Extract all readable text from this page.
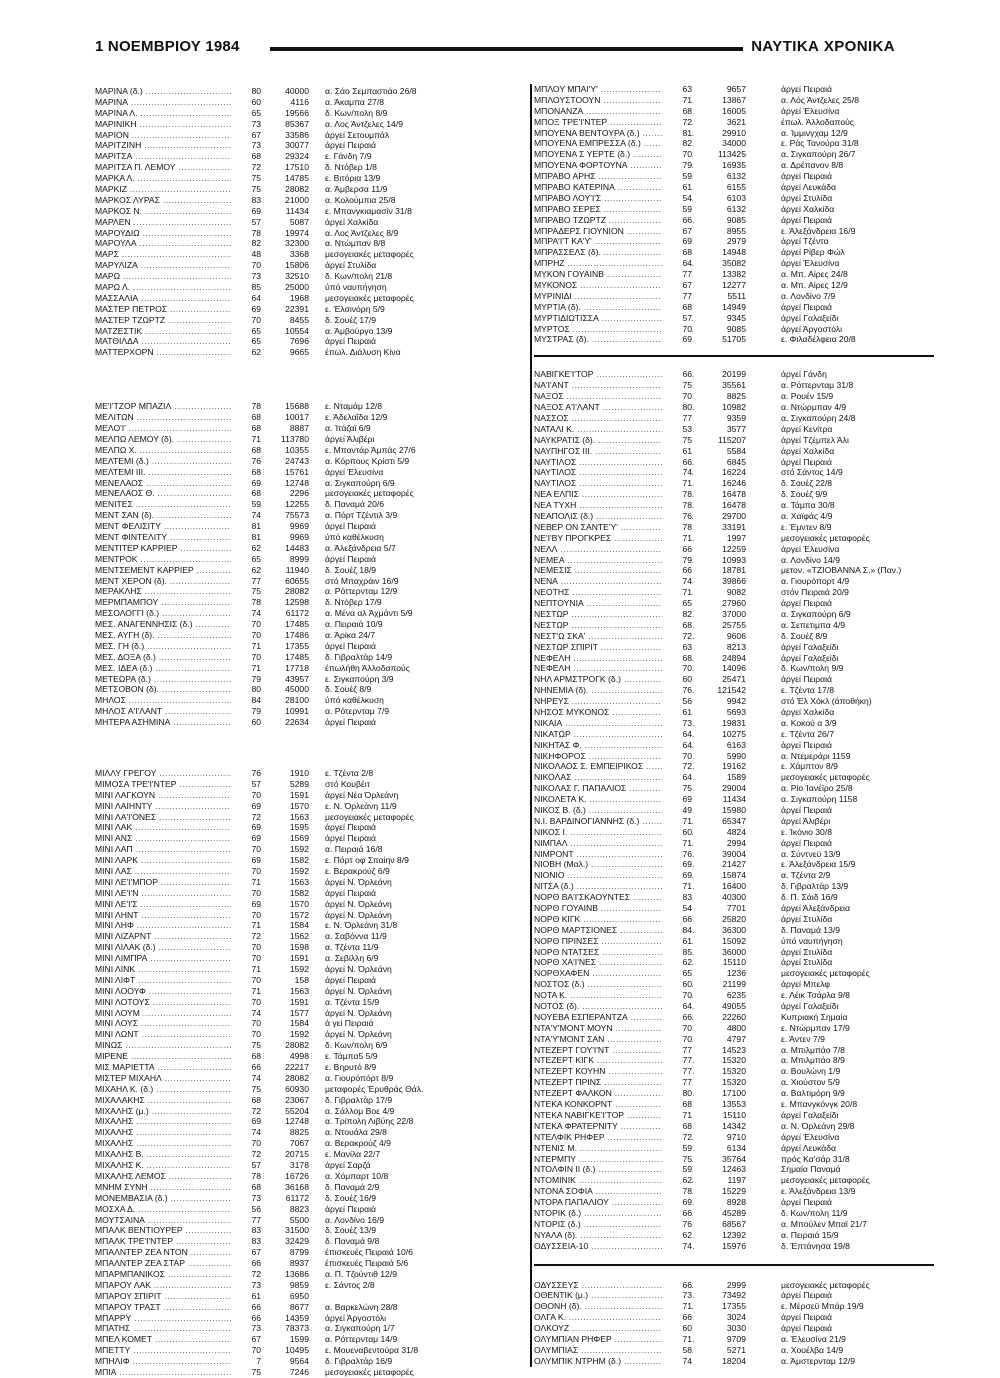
1 ΝΟΕΜΒΡΙΟΥ 1984	ΝΑΥΤΙΚΑ ΧΡΟΝΙΚΑ
ΜΑΡΙΝΑ (δ.) .....	80	40000 α. Σάο Σεμπαστιάο 26/8
ΜΑΡΙΝΑ .....	60	4116 α. Άκαμπα 27/8
ΜΑΡΙΝΑ Λ. .....	65	19566 δ. Κων/πολη 8/9
ΜΑΡΙΝΙΚΗ .....	73	85367 α. Λος Άντζελες 14/9
ΜΑΡΙΟΝ .....	67	33586 άργεί Σετουμπάλ
ΜΑΡΙΤΖΙΝΗ .....	73	30077 άργεί Πειραιά
ΜΑΡΙΤΣΑ .....	68	29324 ε. Γάνδη 7/9
ΜΑΡΙΤΣΑ Π. ΛΕΜΟΥ .....	72	17510 δ. Ντόβερ 1/8
ΜΑΡΚΑ Λ. .....	75	14785 ε. Βιτόρια 13/9
ΜΑΡΚΙΖ .....	75	28082 α. Άμβερσα 11/9
ΜΑΡΚΟΣ ΛΥΡΑΣ .....	83	21000 α. Κολούμπια 25/8
ΜΑΡΚΟΣ Ν. .....	69	11434 ε. Μπανγκιαμασίν 31/8
ΜΑΡΛΕΝ .....	57	5087 άργεί Χαλκίδα
ΜΑΡΟΥΔΙΩ .....	78	19974 α. Λος Άντζελες 8/9
ΜΑΡΟΥΛΑ .....	82	32300 α. Ντώμπαν 8/8
ΜΑΡΣ .....	48	3368 μεσογειακές μεταφορές
ΜΑΡΥΛΙΖΑ .....	70	15806 άργεί Στυλίδα
ΜΑΡΩ .....	73	32510 δ. Κων/πολη 21/8
ΜΑΡΩ Λ. .....	85	25000 ύπό ναυπήγηση
ΜΑΣΣΑΛΙΑ .....	64	1968 μεσογειακές μεταφορές
ΜΑΣΤΕΡ ΠΕΤΡΟΣ .....	69	22391 ε. Έλσινόρη 5/9
ΜΑΣΤΕΡ ΤΖΩΡΤΖ .....	70	8455 δ. Σουέζ 17/9
ΜΑΤΖΕΣΤΙΚ .....	65	10554 α. Άμβούργο 13/9
ΜΑΤΘΙΛΔΑ .....	65	7696 άργεί Πειραιά
ΜΑΤΤΕΡΧΟΡΝ .....	62	9665 έπωλ. Διάλυση Κίνα
ΜΕ'Ι'ΤΖΟΡ ΜΠΑΖΙΛ .....	78	15688 ε. Νταμάμ 12/8
ΜΕΛΙΤΩΝ .....	68	10017 ε. Άδελαΐδα 12/9
ΜΕΛΟ'Ι' .....	68	8887 α. Ίτάζαϊ 6/9
ΜΕΛΠΩ ΛΕΜΟΥ (δ). .....	71	113780 άργεί Άλιβέρι
ΜΕΛΠΩ Χ. .....	68	10355 ε. Μπαντάρ Άμπάς 27/6
ΜΕΛΤΕΜΙ (δ.) .....	76	24743 α. Κόρπους Κρίστι 5/9
ΜΕΛΤΕΜΙ ΙΙΙ. .....	68	15761 άργεί Έλευσίνα
ΜΕΝΕΛΑΟΣ .....	69	12748 α. Σιγκαπούρη 6/9
ΜΕΝΕΛΑΟΣ Θ. .....	68	2296 μεσογειακές μεταφορές
ΜΕΝΙΤΕΣ .....	59	12255 δ. Παναμά 20/6
ΜΕΝΤ ΣΑΝ (δ). .....	74	75573 α. Πόρτ Τζέντιλ 3/9
ΜΕΝΤ ΦΕΛΙΣΙΤΥ .....	81	9969 άργεί Πειραιά
ΜΕΝΤ ΦΙΝΤΕΛΙΤΥ .....	81	9969 ύπό καθέλκυση
ΜΕΝΤΙΤΕΡ ΚΑΡΡΙΕΡ .....	62	14483 α. Άλεξάνδρεια 5/7
ΜΕΝΤΡΟΚ .....	65	8999 άργεί Πειραιά
ΜΕΝΤΣΕΜΕΝΤ ΚΑΡΡΙΕΡ .....	62	11940 δ. Σουέζ 18/9
ΜΕΝΤ ΧΕΡΟΝ (δ). .....	77	60655 στό Μπαχράιν 16/9
ΜΕΡΑΚΛΗΣ .....	75	28082 α. Ρόττερνταμ 12/9
ΜΕΡΜΠΑΜΠΟΥ .....	78	12598 δ. Ντόβερ 17/9
ΜΕΣΟΛΟΓΓΙ (δ.) .....	74	61172 α. Μένα αλ Άχμάντι 5/9
ΜΕΣ. ΑΝΑΓΕΝΝΗΣΙΣ (δ.) .....	70	17485 α. Πειραιά 10/9
ΜΕΣ. ΑΥΓΗ (δ). .....	70	17486 α. Άρίκα 24/7
ΜΕΣ. ΓΗ (δ.) .....	71	17355 άργεί Πειραιά
ΜΕΣ. ΔΟΞΑ (δ.) .....	70	17485 δ. Γιβραλτάρ 14/9
ΜΕΣ. ΙΔΕΑ (δ.) .....	71	17718 έπωλήθη Άλλοδαπούς
ΜΕΤΕΩΡΑ (δ.) .....	79	43957 ε. Σιγκαπούρη 3/9
ΜΕΤΣΟΒΟΝ (δ). .....	80	45000 δ. Σουέζ 8/9
ΜΗΛΟΣ .....	84	28100 ύπό καθέλκυση
ΜΗΛΟΣ Α'Ι'ΛΑΝΤ .....	79	10991 α. Ρότερνταμ 7/9
ΜΗΤΕΡΑ ΑΣΗΜΙΝΑ .....	60	22634 άργεί Πειραιά
ΜΙΛΛΥ ΓΡΕΓΟΥ .....	76	1910 ε. Τζέντα 2/8
ΜΙΜΟΣΑ ΤΡΕ'Ι'ΝΤΕΡ .....	57	5289 στό Κουβέιτ
ΜΙΝΙ ΛΑΓΚΟΥΝ .....	70	1591 άργεί Νέα Όρλεάνη
ΜΙΝΙ ΛΑΙΗΝΤΥ .....	69	1570 ε. Ν. Όρλεάνη 11/9
ΜΙΝΙ ΛΑ'Ι'ΟΝΕΣ .....	72	1563 μεσογειακές μεταφορές
ΜΙΝΙ ΛΑΚ .....	69	1595 άργεί Πειραιά
ΜΙΝΙ ΑΝΣ .....	69	1569 άργεί Πειραιά
ΜΙΝΙ ΛΑΠ .....	70	1592 α. Πειραιά 16/8
ΜΙΝΙ ΛΑΡΚ .....	69	1582 ε. Πόρτ οφ Σπαίην 8/9
ΜΙΝΙ ΛΑΣ .....	70	1592 ε. Βερακρούζ 6/9
ΜΙΝΙ ΛΕ'Ι'ΜΠΟΡ .....	71	1563 άργεί Ν. Όρλεάνη
ΜΙΝΙ ΛΕ'Ι'Ν .....	70	1582 άργεί Πειραιά
ΜΙΝΙ ΛΕ'Ι'Σ .....	69	1570 άργεί Ν. Όρλεάνη
ΜΙΝΙ ΛΗΝΤ .....	70	1572 άργεί Ν. Όρλεάνη
ΜΙΝΙ ΛΗΦ .....	71	1584 ε. Ν. Όρλεάνη 31/8
ΜΙΝΙ ΛΙΖΑΡΝΤ .....	72	1562 α. Σαβόννα 11/9
ΜΙΝΙ ΛΙΛΑΚ (δ.) .....	70	1598 α. Τζέντα 11/9
ΜΙΝΙ ΛΙΜΠΡΑ .....	70	1591 α. Σεβίλλη 6/9
ΜΙΝΙ ΛΙΝΚ .....	71	1592 άργεί Ν. Όρλεάνη
ΜΙΝΙ ΛΙΦΤ .....	70	158 άργεί Πειραιά
ΜΙΝΙ ΛΟΟΥΦ .....	71	1563 άργεί Ν. Όρλεάνη
ΜΙΝΙ ΛΟΤΟΥΣ .....	70	1591 α. Τζέντα 15/9
ΜΙΝΙ ΛΟΥΜ .....	74	1577 άργεί Ν. Όρλεάνη
ΜΙΝΙ ΛΟΥΣ .....	70	1584 ά γεί Πειραιά
ΜΙΝΙ ΛΩΝΤ .....	70	1592 άργεί Ν. Όρλεάνη
ΜΙΝΩΣ .....	75	28082 δ. Κων/πολη 6/9
ΜΙΡΕΝΕ .....	68	4998 ε. Τάμπα5 5/9
ΜΙΣ ΜΑΡΙΕΤΤΑ .....	66	22217 ε. Βηρυτό 8/9
ΜΙΣΤΕΡ ΜΙΧΑΗΛ .....	74	28082 α. Γιουρόπόρτ 8/9
ΜΙΧΑΗΛ Κ. (δ.) .....	75	60930 μεταφορές Έρυθράς Θάλ.
ΜΙΧΑΛΑΚΗΣ .....	68	23067 δ. Γιβραλτάρ 17/9
ΜΙΧΑΛΗΣ (μ.) .....	72	55204 α. Σάλλομ Βοε 4/9
ΜΙΧΑΛΗΣ .....	69	12748 α. Τρίπολη Λιβύης 22/8
ΜΙΧΑΛΗΣ .....	74	8825 α. Ντουάλα 29/8
ΜΙΧΑΛΗΣ .....	70	7067 α. Βερακρούζ 4/9
ΜΙΧΑΛΗΣ Β. .....	72	20715 ε. Μανίλα 22/7
ΜΙΧΑΛΗΣ Κ. .....	57	3178 άργεί Σαρζά
ΜΙΧΑΛΗΣ ΛΕΜΟΣ .....	78	16726 α. Χόμπαρτ 10/8
ΜΝΗΜ ΣΥΝΗ .....	68	36168 δ. Παναμά 2/9
ΜΟΝΕΜΒΑΣΙΑ (δ.) .....	73	61172 δ. Σουέζ 16/9
ΜΟΣΧΑ Δ. .....	56	8823 άργεί Πειραιά
ΜΟΥΤΣΑΙΝΑ .....	77	5500 α. Λονδίνο 16/9
ΜΠΑΛΚ ΒΕΝΤΙΟΥΡΕΡ .....	83	31500 δ. Σουέζ 13/9
ΜΠΑΛΚ ΤΡΕ'Ι'ΝΤΕΡ .....	83	32429 δ. Παναμά 9/8
ΜΠΑΛΝΤΕΡ ΖΕΑ ΝΤΟΝ .....	67	8799 έπισκευές Πειραιά 10/6
ΜΠΑΛΝΤΕΡ ΖΕΑ ΣΤΑΡ .....	66	8937 έπισκευές Πειραιά 5/6
ΜΠΑΡΜΠΑΝΙΚΟΣ .....	72	13686 α. Π. Τζούντιθ 12/9
ΜΠΑΡΟΥ ΛΑΚ .....	73	9859 ε. Σάντος 2/8
ΜΠΑΡΟΥ ΣΠΙΡΙΤ .....	61	6950
ΜΠΑΡΟΥ ΤΡΑΣΤ .....	66	8677 α. Βαρκελώνη 28/8
ΜΠΑΡΡΥ .....	66	14359 άργεί Άργοστόλι
ΜΠΑΤΗΣ .....	73	78373 α. Σιγκαπούρη 1/7
ΜΠΕΛ ΚΟΜΕΤ .....	67	1599 α. Ρόττερνταμ 14/9
ΜΠΕΤΤΥ .....	70	10495 ε. Μουεναβεντούρα 31/8
ΜΠΗΛΙΦ .....	7	9564 δ. Γιβραλτάρ 16/9
ΜΠΙΑ .....	75	7246 μεσογειακές μεταφορές
ΜΠΛΟΥ ΜΠΑΙ'Υ' .....	63	9657	άργεί Πειραιά
ΜΠΛΟΥΣΤΟΟΥΝ .....	71	13867	α. Λός Άντζελες 25/8
ΜΠΟΝΑΝΖΑ .....	68	16005	άργεί Έλευσίνα
ΜΠΟΞ ΤΡΕ'Ι'ΝΤΕΡ .....	72	3621	έπωλ. Άλλοδαπούς
ΜΠΟΥΕΝΑ ΒΕΝΤΟΥΡΑ (δ.) .....	81	29910	α. Ίμμινγχαμ 12/9
ΜΠΟΥΕΝΑ ΕΜΠΡΕΣΣΑ (δ.) .....	82	34000	ε. Ράς Τανούρα 31/8
ΜΠΟΥΕΝΑ Σ ΥΕΡΤΕ (δ.) .....	70	113425	α. Σιγκαπούρη 26/7
ΜΠΟΥΕΝΑ ΦΟΡΤΟΥΝΑ .....	79	16935	α. Δρέπανον 8/8
ΜΠΡΑΒΟ ΑΡΗΣ .....	59	6132	άργεί Πειραιά
ΜΠΡΑΒΟ ΚΑΤΕΡΙΝΑ .....	61	6155	άργεί Λευκάδα
ΜΠΡΑΒΟ ΛΟΥ'Ι'Σ .....	54	6103	άργεί Στυλίδα
ΜΠΡΑΒΟ ΣΕΡΕΣ .....	59	6132	άργεί Χαλκίδα
ΜΠΡΑΒΟ ΤΖΩΡΤΖ .....	66	9085	άργεί Πειραιά
ΜΠΡΑΔΕΡΣ ΓΙΟΥΝΙΟΝ .....	67	8955	ε. Άλεξάνδρεια 16/9
ΜΠΡΑ'Ι'Τ ΚΑ'Υ' .....	69	2979	άργεί Τζέντα
ΜΠΡΑΣΣΕΛΣ (δ). .....	68	14948	άργεί Ρίβερ Φώλ
ΜΠΡΗΖ .....	64	35082	άργεί Έλευσίνα
ΜΥΚΟΝ ΓΟΥΑΙΝΒ .....	77	13382	α. Μπ. Αίρες 24/8
ΜΥΚΟΝΟΣ .....	67	12277	α. Μπ. Αίρες 12/9
ΜΥΡΙΝΙΔΙ .....	77	5511	α. Λονδίνο 7/9
ΜΥΡΤΙΑ (δ). .....	68	14949	άργεί Πειραιά
ΜΥΡΤΙΔΙΩΤΙΣΣΑ .....	57	9345	άργεί Γαλαξείδι
ΜΥΡΤΟΣ .....	70	9085	άργεί Άργοστόλι
ΜΥΣΤΡΑΣ (δ). .....	69	51705	ε. Φιλαδέλφεια 20/8
ΝΑΒΙΓΚΕ'Ι'ΤΟΡ .....	66	20199	άργεί Γάνδη
ΝΑ'Ι'ΑΝΤ .....	75	35561	α. Ρόττερνταμ 31/8
ΝΑΞΟΣ .....	70	8825	α. Ρουέν 15/9
ΝΑΞΟΣ Α'Ι'ΛΑΝΤ .....	80	10982	α. Ντώρμπαν 4/9
ΝΑΣΣΟΣ .....	77	9359	α. Σιγκαπούρη 24/8
ΝΑΤΑΛΙ Κ. .....	53	3577	άργεί Κενίτρα
ΝΑΥΚΡΑΤΙΣ (δ). .....	75	115207	άργεί Τζέμπελ Άλι
ΝΑΥΠΗΓΟΣ ΙΙΙ. .....	61	5584	άργεί Χαλκίδα
ΝΑΥΤΙΛΟΣ .....	66	6845	άργεί Πειραιά
ΝΑΥΤΙΛΟΣ .....	74	16224	στό Σάντος 14/9
ΝΑΥΤΙΛΟΣ .....	71	16246	δ. Σουέζ 22/8
ΝΕΑ ΕΛΠΙΣ .....	78	16478	δ. Σουέζ 9/9
ΝΕΑ ΤΥΧΗ .....	78	16478	α. Τάμπα 30/8
ΝΕΑΠΟΛΙΣ (δ.) .....	76	29700	α. Χαϊφάς 4/9
ΝΕΒΕΡ ΟΝ ΣΑΝΤΕ'Υ' .....	78	33191	ε. Έμντεν 8/9
ΝΕ'Ι'ΒΥ ΠΡΟΓΚΡΕΣ .....	71	1997	μεσογειακές μεταφορές
ΝΕΛΛ .....	66	12259	άργεί Έλευσίνα
ΝΕΜΕΑ .....	79	10993	α. Λονδίνο 14/9
ΝΕΜΕΣΙΣ .....	66	18781	μετον. «ΤΖΙΟΒΑΝΝΑ Σ.» (Παν.)
ΝΕΝΑ .....	74	39866	α. Γιουρόπορτ 4/9
ΝΕΟΤΗΣ .....	71	9082	στόν Πειραιά 20/9
ΝΕΠΤΟΥΝΙΑ .....	65	27960	άργεί Πειραιά
ΝΕΣΤΩΡ .....	82	37000	α. Σιγκαπούρη 6/9
ΝΕΣΤΩΡ .....	68	25755	α. Σεπετιμπα 4/9
ΝΕΣΤ'Ω ΣΚΑ' .....	72	9606	δ. Σουέζ 8/9
ΝΕΣΤΩΡ ΣΠΙΡΙΤ .....	63	8213	άργεί Γαλαξείδι
ΝΕΦΕΛΗ .....	68	24894	άργεί Γαλαξείδι
ΝΕΦΕΛΗ .....	70	14096	δ. Κων/πολη 9/9
ΝΗΛ ΑΡΜΣΤΡΟΓΚ (δ.) .....	60	25471	άργεί Πειραιά
ΝΗΝΕΜΙΑ (δ). .....	76	121542	ε. Τζέντα 17/8
ΝΗΡΕΥΣ .....	56	9942	στό Έλ Χόκλ (άποθήκη)
ΝΗΣΟΣ ΜΥΚΟΝΟΣ .....	61	5693	άργεί Χαλκίδα
ΝΙΚΑΙΑ .....	73	19831	α. Κοκού α 3/9
ΝΙΚΑΤΩΡ .....	64	10275	ε. Τζέντα 26/7
ΝΙΚΗΤΑΣ Φ. .....	64	6163	άργεί Πειραιά
ΝΙΚΗΦΟΡΟΣ .....	70	5990	α. Ντεμεράρι 1159
ΝΙΚΟΛΑΟΣ Σ. ΕΜΠΕΙΡΙΚΟΣ .....	72	19162	ε. Χάμπτον 8/9
ΝΙΚΟΛΑΣ .....	64	1589	μεσογειακές μεταφορές
ΝΙΚΟΛΑΣ Γ. ΠΑΠΑΛΙΟΣ .....	75	29004	α. Ρίο Ίανέϊρο 25/8
ΝΙΚΟΛΕΤΑ Κ. .....	69	11434	α. Σιγκαπούρη 1158
ΝΙΚΟΣ Β. (δ.) .....	49	15980	άργεί Πειραιά
Ν.Ι. ΒΑΡΔΙΝΟΓΙΑΝΝΗΣ (δ.) .....	71	65347	άργεί Άλιβέρι
ΝΙΚΟΣ Ι. .....	60	4824	ε. Ίκόνιο 30/8
ΝΙΜΠΑΛ .....	71	2994	άργεί Πειραιά
ΝΙΜΡΟΝΤ .....	76	39004	α. Σύντνεϋ 13/9
ΝΙΟΒΗ (Μαλ.) .....	69	21427	ε. Άλεξάνδρεια 15/9
ΝΙΟΝΙΟ .....	69	15874	α. Τζέντα 2/9
ΝΙΤΣΑ (δ.) .....	71	16400	δ. Γιβραλτάρ 13/9
ΝΟΡΘ ΒΑ'Ι'ΣΚΑΟΥΝΤΕΣ .....	83	40300	δ. Π. Σάιδ 16/9
ΝΟΡΘ ΓΟΥΑΙΝΒ .....	54	7701	άργεί Άλεξάνδρεια
ΝΟΡΘ ΚΙΓΚ .....	66	25820	άργεί Στυλίδα
ΝΟΡΘ ΜΑΡΤΣΙΟΝΕΣ .....	84	36300	δ. Παναμά 13/9
ΝΟΡΘ ΠΡΙΝΣΕΣ .....	61	15092	ύπό ναυπήγηση
ΝΟΡΘ ΝΤΑΤΣΕΣ .....	85	36000	άργεί Στυλίδα
ΝΟΡΘ ΧΑ'Ι'ΝΕΣ .....	62	15110	άργεί Στυλίδα
ΝΟΡΘΧΑΦΕΝ .....	65	1236	μεσογειακές μεταφορές
ΝΟΣΤΟΣ (δ.) .....	60	21199	άργεί Μπελφ
ΝΟΤΑ Κ. .....	70	6235	ε. Λέικ Τσάρλα 9/8
ΝΟΤΟΣ (δ). .....	64	49055	άργεί Γαλαξείδι
ΝΟΥΕΒΑ ΕΣΠΕΡΑΝΤΖΑ .....	66	22260	Κυπριακή Σημαία
ΝΤΑ'Υ'ΜΟΝΤ ΜΟΥΝ .....	70	4800	ε. Ντώρμπαν 17/9
ΝΤΑ'Υ'ΜΟΝΤ ΣΑΝ .....	70	4797	ε. Άντεν 7/9
ΝΤΕΖΕΡΤ ΓΟΥ'Ι'ΝΤ .....	77	14523	α. Μπιλμπάο 7/8
ΝΤΕΖΕΡΤ ΚΙΓΚ .....	77	15320	α. Μπιλμπάο 8/9
ΝΤΕΖΕΡΤ ΚΟΥΗΝ .....	77	15320	α. Βουλώνη 1/9
ΝΤΕΖΕΡΤ ΠΡΙΝΣ .....	77	15320	α. Χιούστον 5/9
ΝΤΕΖΕΡΤ ΦΑΛΚΟΝ .....	80	17100	α. Βαλτιμόρη 9/9
ΝΤΕΚΑ ΚΟΝΚΟΡΝΤ .....	68	13553	ε. Μπανγκόνγκ 20/8
ΝΤΕΚΑ ΝΑΒΙΓΚΕ'Ι'ΤΟΡ .....	71	15110	άργεί Γαλαξείδι
ΝΤΕΚΑ ΦΡΑΤΕΡΝΙΤΥ .....	68	14342	α. Ν. Όρλεάνη 29/8
ΝΤΕΛΦΙΚ ΡΗΦΕΡ .....	72	9710	άργεί Έλευσίνα
ΝΤΕΝΙΣ Μ. .....	59	6134	άργεί Λευκάδα
ΝΤΕΡΜΠΥ .....	75	35764	πρός Κα'σάρ 31/8
ΝΤΟΛΦΙΝ ΙΙ (δ.) .....	59	12463	Σημαία Παναμά
ΝΤΟΜΙΝΙΚ .....	62	1197	μεσογειακές μεταφορές
ΝΤΟΝΑ ΣΟΦΙΑ .....	78	15229	ε. Άλεξάνδρεια 13/9
ΝΤΟΡΑ ΠΑΠΑΛΙΟΥ .....	69	8928	άργεί Πειραιά
ΝΤΟΡΙΚ (δ.) .....	66	45289	δ. Κων/πολη 11/9
ΝΤΟΡΙΣ (δ.) .....	76	68567	α. Μπούλεν Μπαϊ 21/7
ΝΥΑΛΑ (δ). .....	62	12392	α. Πειραιά 15/9
ΟΔΥΣΣΕΙΑ-10 .....	74	15976	δ. Έπτάνησα 19/8
ΟΔΥΣΣΕΥΣ .....	66	2999	μεσογειακές μεταφορές
ΟΘΕΝΤΙΚ (μ.) .....	73	73492	άργεί Πειραιά
ΟΘΟΝΗ (δ). .....	71	17355	ε. Μέρσεϋ Μπάρ 19/9
ΟΛΓΑ Κ. .....	66	3024	άργεί Πειραιά
ΟΛΚΟΥΖ .....	60	3030	άργεί Πειραιά
ΟΛΥΜΠΙΑΝ ΡΗΦΕΡ .....	71	9709	α. Έλευσίνα 21/9
ΟΛΥΜΠΙΑΣ .....	58	5271	α. Χουέλβα 14/9
ΟΛΥΜΠΙΚ ΝΤΡΗΜ (δ.) .....	74	18204	α. Άμστερνταμ 12/9
